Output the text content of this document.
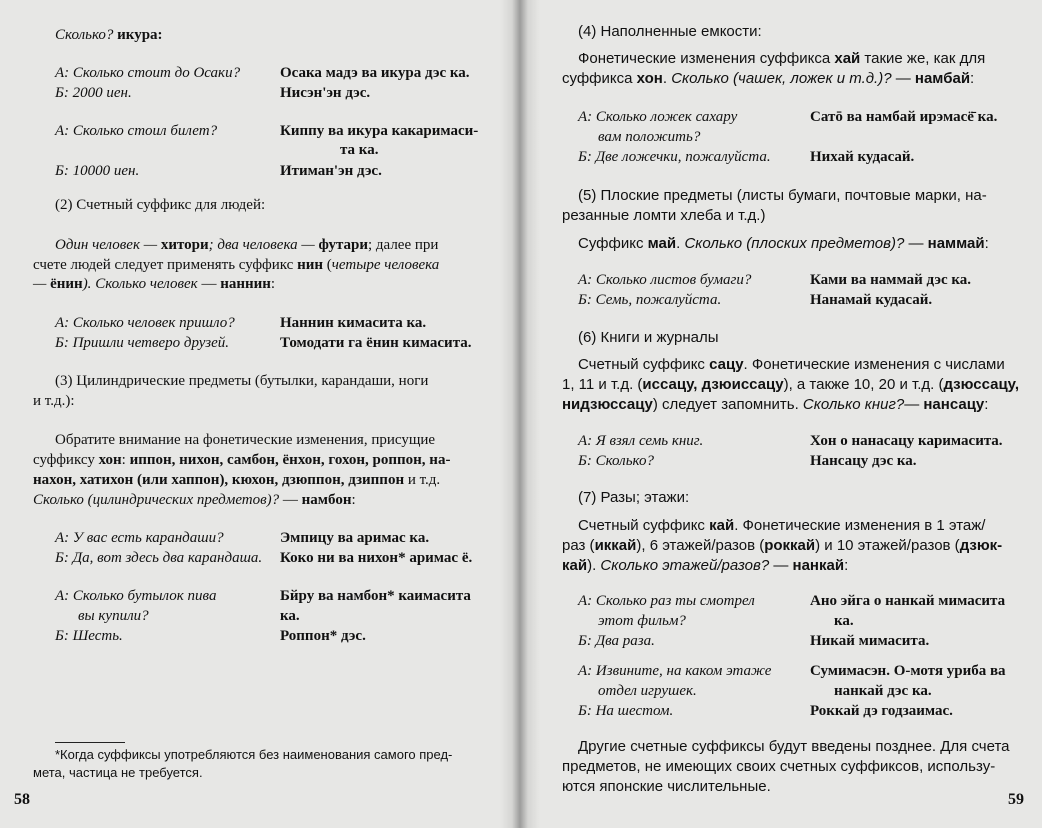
Сколько? икура:
А: Сколько стоит до Осаки?	Осака мадэ ва икура дэс ка.
Б: 2000 иен.	Нисэн'эн дэс.
А: Сколько стоил билет?	Киппу ва икура какаримаси-
та ка.
Б: 10000 иен.	Итиман'эн дэс.
(2) Счетный суффикс для людей:
Один человек — хитори; два человека — футари; далее при
счете людей следует применять суффикс нин (четыре человека
— ёнин). Сколько человек — наннин:
А: Сколько человек пришло?	Наннин кимасита ка.
Б: Пришли четверо друзей.	Томодати га ёнин кимасита.
(3) Цилиндрические предметы (бутылки, карандаши, ноги
и т.д.):
Обратите внимание на фонетические изменения, присущие
суффиксу хон: иппон, нихон, самбон, ёнхон, гохон, роппон, на-
нахон, хатихон (или хаппон), кюхон, дзюппон, дзиппон и т.д.
Сколько (цилиндрических предметов)? — намбон:
А: У вас есть карандаши?	Эмпицу ва аримас ка.
Б: Да, вот здесь два карандаша. Коко ни ва нихон* аримас ё.
А: Сколько бутылок пива	Бйру ва намбон* каимасита
вы купили?	ка.
Б: Шесть.	Роппон* дэс.
*Когда суффиксы употребляются без наименования самого пред-
мета, частица не требуется.
58
(4) Наполненные емкости:
Фонетические изменения суффикса хай такие же, как для
суффикса хон. Сколько (чашек, ложек и т.д.)? — намбай:
А: Сколько ложек сахару	Сатō ва намбай ирэмасё̄ ка.
вам положить?
Б: Две ложечки, пожалуйста.	Нихай кудасай.
(5) Плоские предметы (листы бумаги, почтовые марки, на-
резанные ломти хлеба и т.д.)
Суффикс май. Сколько (плоских предметов)? — наммай:
А: Сколько листов бумаги?	Ками ва наммай дэс ка.
Б: Семь, пожалуйста.	Нанамай кудасай.
(6) Книги и журналы
Счетный суффикс сацу. Фонетические изменения с числами
1, 11 и т.д. (иссацу, дзюиссацу), а также 10, 20 и т.д. (дзюссацу,
нидзюссацу) следует запомнить. Сколько книг?— нансацу:
А: Я взял семь книг.	Хон о нанасацу каримаситa.
Б: Сколько?	Нансацу дэс ка.
(7) Разы; этажи:
Счетный суффикс кай. Фонетические изменения в 1 этаж/
раз (иккай), 6 этажей/разов (роккай) и 10 этажей/разов (дзюк-
кай). Сколько этажей/разов? — нанкай:
А: Сколько раз ты смотрел	Ано эйга о нанкай мимасита
этот фильм?	ка.
Б: Два раза.	Никай мимасита.
А: Извините, на каком этаже	Сумимасэн. О-мотя урибa ва
отдел игрушек.	нанкай дэс ка.
Б: На шестом.	Роккай дэ годзаимас.
Другие счетные суффиксы будут введены позднее. Для счета
предметов, не имеющих своих счетных суффиксов, использу-
ются японские числительные.
59
